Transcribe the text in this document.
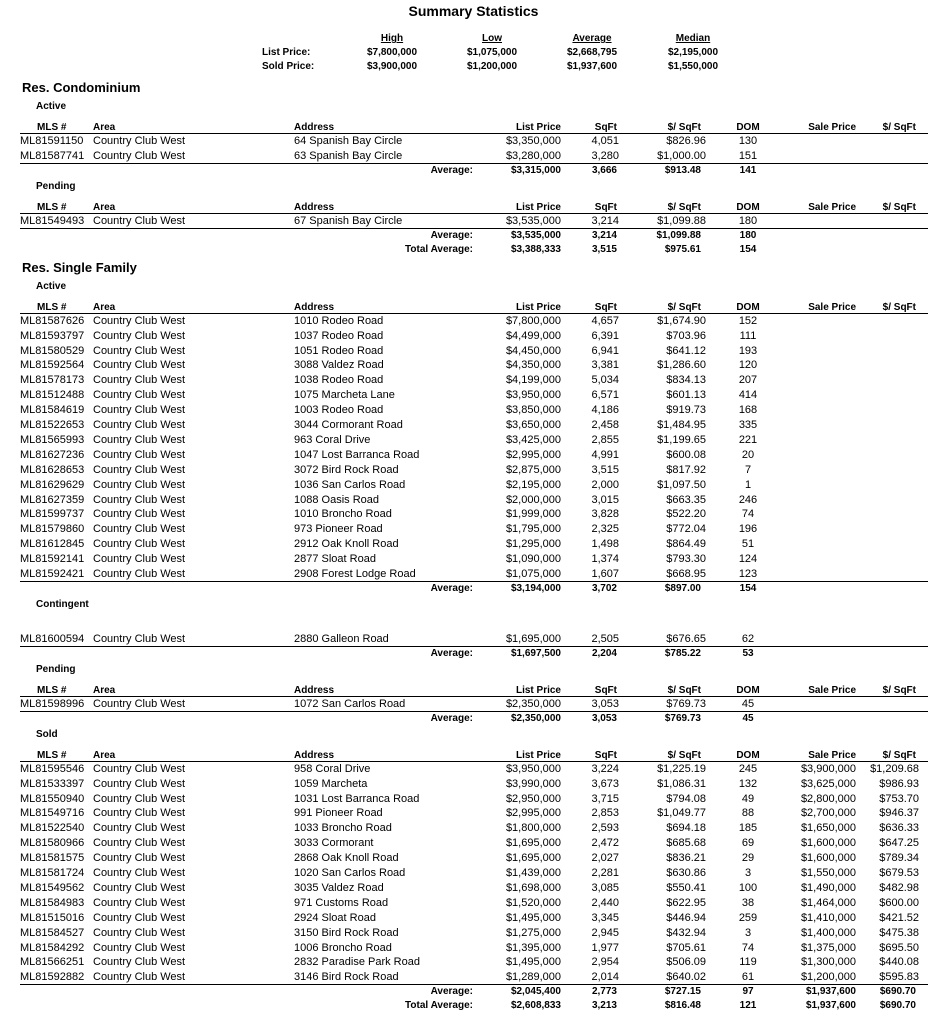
Summary Statistics
High	Low	Average	Median
List Price:	$7,800,000	$1,075,000	$2,668,795	$2,195,000
Sold Price:	$3,900,000	$1,200,000	$1,937,600	$1,550,000
Res. Condominium
Active
MLS #	Area	Address	List Price	SqFt	$/ SqFt	DOM	Sale Price	$/ SqFt
ML81591150 Country Club West	64 Spanish Bay Circle	$3,350,000	4,051	$826.96	130
ML81587741 Country Club West	63 Spanish Bay Circle	$3,280,000	3,280	$1,000.00	151
Average:	$3,315,000	3,666	$913.48	141
Pending
MLS #	Area	Address	List Price	SqFt	$/ SqFt	DOM	Sale Price	$/ SqFt
ML81549493 Country Club West	67 Spanish Bay Circle	$3,535,000	3,214	$1,099.88	180
Average:	$3,535,000	3,214	$1,099.88	180
Total Average:	$3,388,333	3,515	$975.61	154
Res. Single Family
Active
MLS #	Area	Address	List Price	SqFt	$/ SqFt	DOM	Sale Price	$/ SqFt
ML81587626 Country Club West	1010 Rodeo Road	$7,800,000	4,657	$1,674.90	152
ML81593797 Country Club West	1037 Rodeo Road	$4,499,000	6,391	$703.96	111
ML81580529 Country Club West	1051 Rodeo Road	$4,450,000	6,941	$641.12	193
ML81592564 Country Club West	3088 Valdez Road	$4,350,000	3,381	$1,286.60	120
ML81578173 Country Club West	1038 Rodeo Road	$4,199,000	5,034	$834.13	207
ML81512488 Country Club West	1075 Marcheta Lane	$3,950,000	6,571	$601.13	414
ML81584619 Country Club West	1003 Rodeo Road	$3,850,000	4,186	$919.73	168
ML81522653 Country Club West	3044 Cormorant Road	$3,650,000	2,458	$1,484.95	335
ML81565993 Country Club West	963 Coral Drive	$3,425,000	2,855	$1,199.65	221
ML81627236 Country Club West	1047 Lost Barranca Road	$2,995,000	4,991	$600.08	20
ML81628653 Country Club West	3072 Bird Rock Road	$2,875,000	3,515	$817.92	7
ML81629629 Country Club West	1036 San Carlos Road	$2,195,000	2,000	$1,097.50	1
ML81627359 Country Club West	1088 Oasis Road	$2,000,000	3,015	$663.35	246
ML81599737 Country Club West	1010 Broncho Road	$1,999,000	3,828	$522.20	74
ML81579860 Country Club West	973 Pioneer Road	$1,795,000	2,325	$772.04	196
ML81612845 Country Club West	2912 Oak Knoll Road	$1,295,000	1,498	$864.49	51
ML81592141 Country Club West	2877 Sloat Road	$1,090,000	1,374	$793.30	124
ML81592421 Country Club West	2908 Forest Lodge Road	$1,075,000	1,607	$668.95	123
Average:	$3,194,000	3,702	$897.00	154
Contingent
ML81600594 Country Club West	2880 Galleon Road	$1,695,000	2,505	$676.65	62
Average:	$1,697,500	2,204	$785.22	53
Pending
MLS #	Area	Address	List Price	SqFt	$/ SqFt	DOM	Sale Price	$/ SqFt
ML81598996 Country Club West	1072 San Carlos Road	$2,350,000	3,053	$769.73	45
Average:	$2,350,000	3,053	$769.73	45
Sold
MLS #	Area	Address	List Price	SqFt	$/ SqFt	DOM	Sale Price	$/ SqFt
ML81595546 Country Club West	958 Coral Drive	$3,950,000	3,224	$1,225.19	245	$3,900,000	$1,209.68
ML81533397 Country Club West	1059 Marcheta	$3,990,000	3,673	$1,086.31	132	$3,625,000	$986.93
ML81550940 Country Club West	1031 Lost Barranca Road	$2,950,000	3,715	$794.08	49	$2,800,000	$753.70
ML81549716 Country Club West	991 Pioneer Road	$2,995,000	2,853	$1,049.77	88	$2,700,000	$946.37
ML81522540 Country Club West	1033 Broncho Road	$1,800,000	2,593	$694.18	185	$1,650,000	$636.33
ML81580966 Country Club West	3033 Cormorant	$1,695,000	2,472	$685.68	69	$1,600,000	$647.25
ML81581575 Country Club West	2868 Oak Knoll Road	$1,695,000	2,027	$836.21	29	$1,600,000	$789.34
ML81581724 Country Club West	1020 San Carlos Road	$1,439,000	2,281	$630.86	3	$1,550,000	$679.53
ML81549562 Country Club West	3035 Valdez Road	$1,698,000	3,085	$550.41	100	$1,490,000	$482.98
ML81584983 Country Club West	971 Customs Road	$1,520,000	2,440	$622.95	38	$1,464,000	$600.00
ML81515016 Country Club West	2924 Sloat Road	$1,495,000	3,345	$446.94	259	$1,410,000	$421.52
ML81584527 Country Club West	3150 Bird Rock Road	$1,275,000	2,945	$432.94	3	$1,400,000	$475.38
ML81584292 Country Club West	1006 Broncho Road	$1,395,000	1,977	$705.61	74	$1,375,000	$695.50
ML81566251 Country Club West	2832 Paradise Park Road	$1,495,000	2,954	$506.09	119	$1,300,000	$440.08
ML81592882 Country Club West	3146 Bird Rock Road	$1,289,000	2,014	$640.02	61	$1,200,000	$595.83
Average:	$2,045,400	2,773	$727.15	97	$1,937,600	$690.70
Total Average:	$2,608,833	3,213	$816.48	121	$1,937,600	$690.70
